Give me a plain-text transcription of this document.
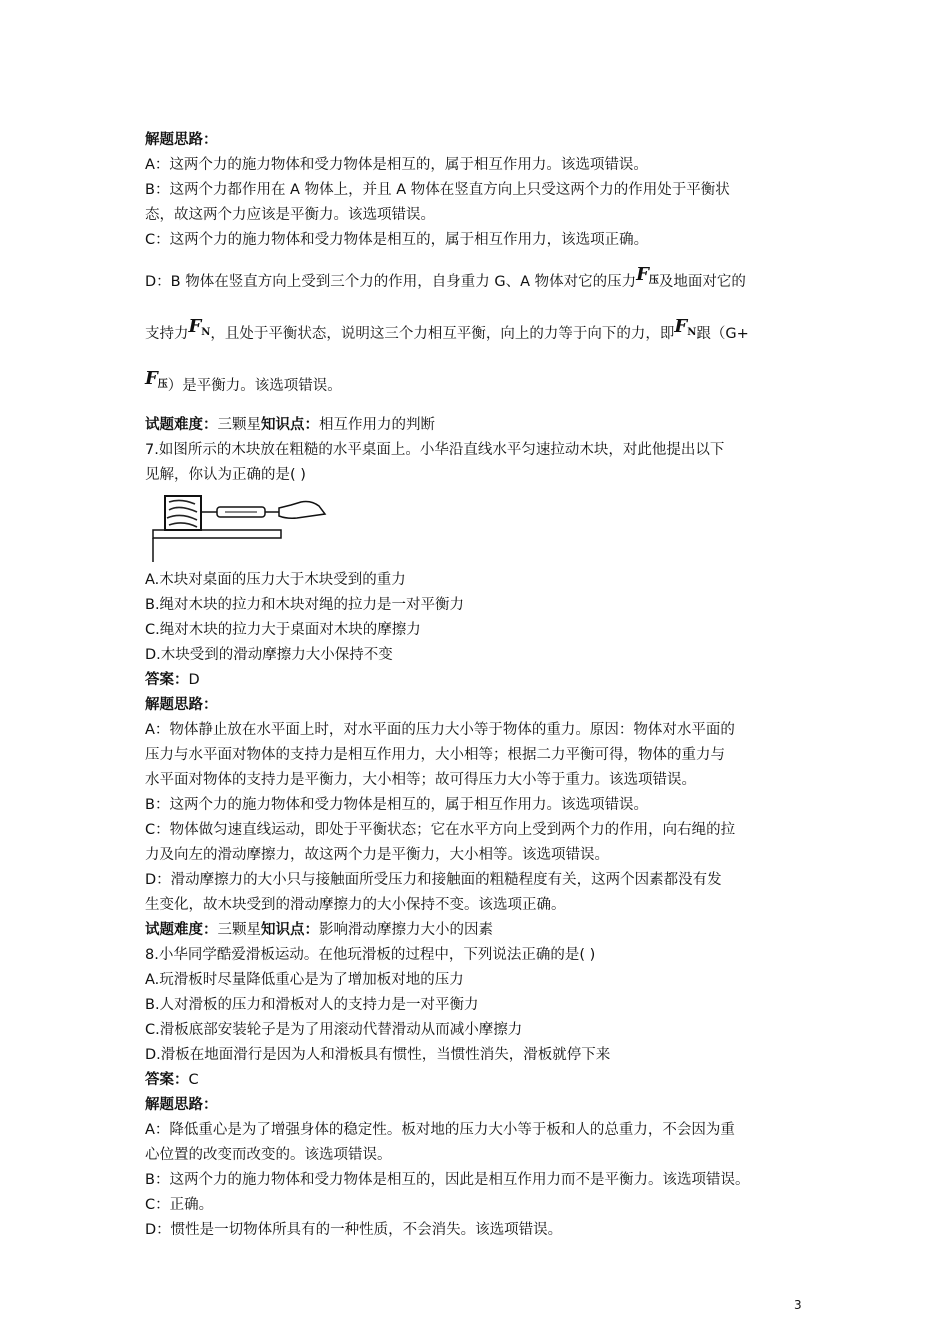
解题思路：
A：这两个力的施力物体和受力物体是相互的，属于相互作用力。该选项错误。
B：这两个力都作用在 A 物体上，并且 A 物体在竖直方向上只受这两个力的作用处于平衡状
态，故这两个力应该是平衡力。该选项错误。
C：这两个力的施力物体和受力物体是相互的，属于相互作用力，该选项正确。
D：B 物体在竖直方向上受到三个力的作用，自身重力 G、A 物体对它的压力$F_压$及地面对它的
支持力$F_N$，且处于平衡状态，说明这三个力相互平衡，向上的力等于向下的力，即$F_N$跟（G+
$F_压$）是平衡力。该选项错误。
试题难度：三颗星知识点：相互作用力的判断
7.如图所示的木块放在粗糙的水平桌面上。小华沿直线水平匀速拉动木块，对此他提出以下
见解，你认为正确的是( )
A.木块对桌面的压力大于木块受到的重力
B.绳对木块的拉力和木块对绳的拉力是一对平衡力
C.绳对木块的拉力大于桌面对木块的摩擦力
D.木块受到的滑动摩擦力大小保持不变
答案：D
解题思路：
A：物体静止放在水平面上时，对水平面的压力大小等于物体的重力。原因：物体对水平面的
压力与水平面对物体的支持力是相互作用力，大小相等；根据二力平衡可得，物体的重力与
水平面对物体的支持力是平衡力，大小相等；故可得压力大小等于重力。该选项错误。
B：这两个力的施力物体和受力物体是相互的，属于相互作用力。该选项错误。
C：物体做匀速直线运动，即处于平衡状态；它在水平方向上受到两个力的作用，向右绳的拉
力及向左的滑动摩擦力，故这两个力是平衡力，大小相等。该选项错误。
D：滑动摩擦力的大小只与接触面所受压力和接触面的粗糙程度有关，这两个因素都没有发
生变化，故木块受到的滑动摩擦力的大小保持不变。该选项正确。
试题难度：三颗星知识点：影响滑动摩擦力大小的因素
8.小华同学酷爱滑板运动。在他玩滑板的过程中，下列说法正确的是( )
A.玩滑板时尽量降低重心是为了增加板对地的压力
B.人对滑板的压力和滑板对人的支持力是一对平衡力
C.滑板底部安装轮子是为了用滚动代替滑动从而减小摩擦力
D.滑板在地面滑行是因为人和滑板具有惯性，当惯性消失，滑板就停下来
答案：C
解题思路：
A：降低重心是为了增强身体的稳定性。板对地的压力大小等于板和人的总重力，不会因为重
心位置的改变而改变的。该选项错误。
B：这两个力的施力物体和受力物体是相互的，因此是相互作用力而不是平衡力。该选项错误。
C：正确。
D：惯性是一切物体所具有的一种性质，不会消失。该选项错误。
3
